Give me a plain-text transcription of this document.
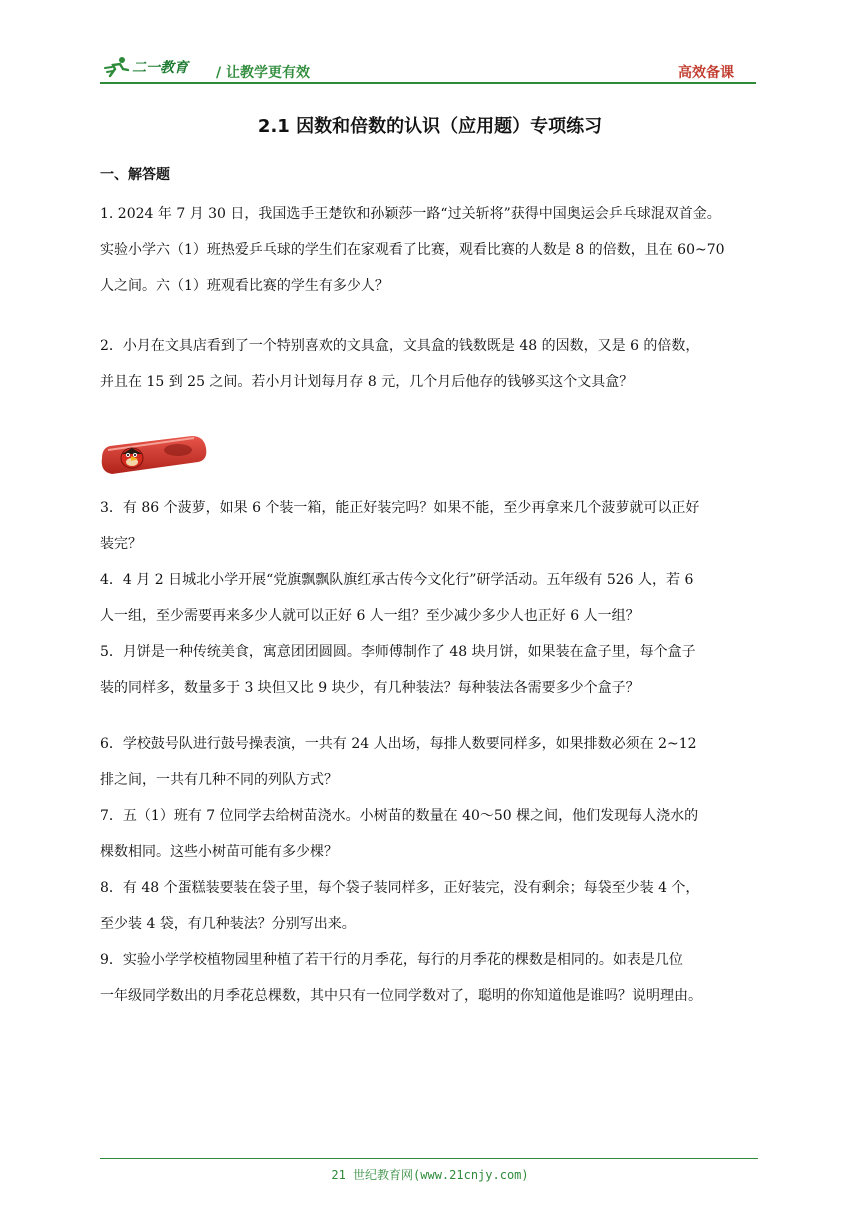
二一教育 / 让教学更有效	高效备课
2.1 因数和倍数的认识（应用题）专项练习
一、解答题
1. 2024 年 7 月 30 日，我国选手王楚钦和孙颖莎一路“过关斩将”获得中国奥运会乒乓球混双首金。
实验小学六（1）班热爱乒乓球的学生们在家观看了比赛，观看比赛的人数是 8 的倍数，且在 60~70
人之间。六（1）班观看比赛的学生有多少人？
2．小月在文具店看到了一个特别喜欢的文具盒，文具盒的钱数既是 48 的因数，又是 6 的倍数，
并且在 15 到 25 之间。若小月计划每月存 8 元，几个月后他存的钱够买这个文具盒？
3．有 86 个菠萝，如果 6 个装一箱，能正好装完吗？如果不能，至少再拿来几个菠萝就可以正好
装完？
4．4 月 2 日城北小学开展“党旗飘飘队旗红承古传今文化行”研学活动。五年级有 526 人，若 6
人一组，至少需要再来多少人就可以正好 6 人一组？至少减少多少人也正好 6 人一组？
5．月饼是一种传统美食，寓意团团圆圆。李师傅制作了 48 块月饼，如果装在盒子里，每个盒子
装的同样多，数量多于 3 块但又比 9 块少，有几种装法？每种装法各需要多少个盒子？
6．学校鼓号队进行鼓号操表演，一共有 24 人出场，每排人数要同样多，如果排数必须在 2~12
排之间，一共有几种不同的列队方式？
7．五（1）班有 7 位同学去给树苗浇水。小树苗的数量在 40～50 棵之间，他们发现每人浇水的
棵数相同。这些小树苗可能有多少棵？
8．有 48 个蛋糕装要装在袋子里，每个袋子装同样多，正好装完，没有剩余；每袋至少装 4 个，
至少装 4 袋，有几种装法？分别写出来。
9．实验小学学校植物园里种植了若干行的月季花，每行的月季花的棵数是相同的。如表是几位
一年级同学数出的月季花总棵数，其中只有一位同学数对了，聪明的你知道他是谁吗？说明理由。
21 世纪教育网(www.21cnjy.com)
